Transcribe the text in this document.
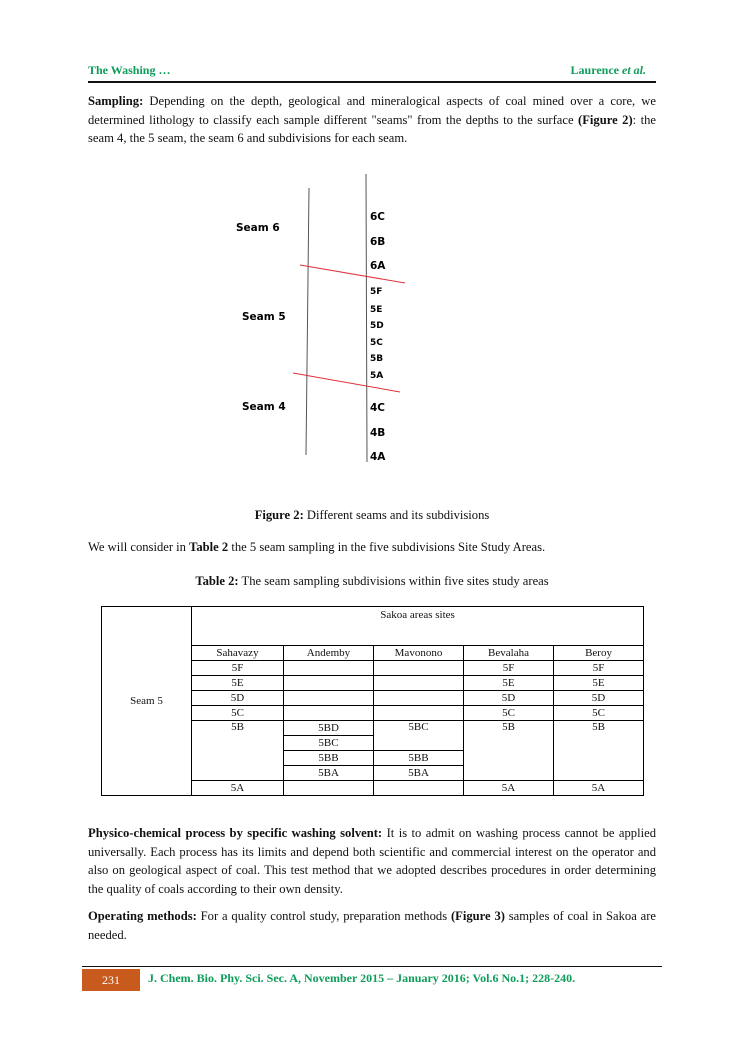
The Washing …	Laurence et al.

Sampling: Depending on the depth, geological and mineralogical aspects of coal mined over a core, we determined lithology to classify each sample different "seams" from the depths to the surface (Figure 2): the seam 4, the 5 seam, the seam 6 and subdivisions for each seam.

Seam 6
Seam 5
Seam 4
6C
6B
6A
5F
5E
5D
5C
5B
5A
4C
4B
4A
Figure 2: Different seams and its subdivisions

We will consider in Table 2 the 5 seam sampling in the five subdivisions Site Study Areas.

Table 2: The seam sampling subdivisions within five sites study areas
Seam 5	Sakoa areas sites				
	Sahavazy	Andemby	Mavonono	Bevalaha	Beroy
	5F			5F	5F
	5E			5E	5E
	5D			5D	5D
	5C			5C	5C
	5B	5BD	5BC	5B	5B
		5BC			
		5BB	5BB		
		5BA	5BA		
	5A			5A	5A

Physico-chemical process by specific washing solvent: It is to admit on washing process cannot be applied universally. Each process has its limits and depend both scientific and commercial interest on the operator and also on geological aspect of coal. This test method that we adopted describes procedures in order determining the quality of coals according to their own density.

Operating methods: For a quality control study, preparation methods (Figure 3) samples of coal in Sakoa are needed.

231	J. Chem. Bio. Phy. Sci. Sec. A, November 2015 – January 2016; Vol.6 No.1; 228-240.
